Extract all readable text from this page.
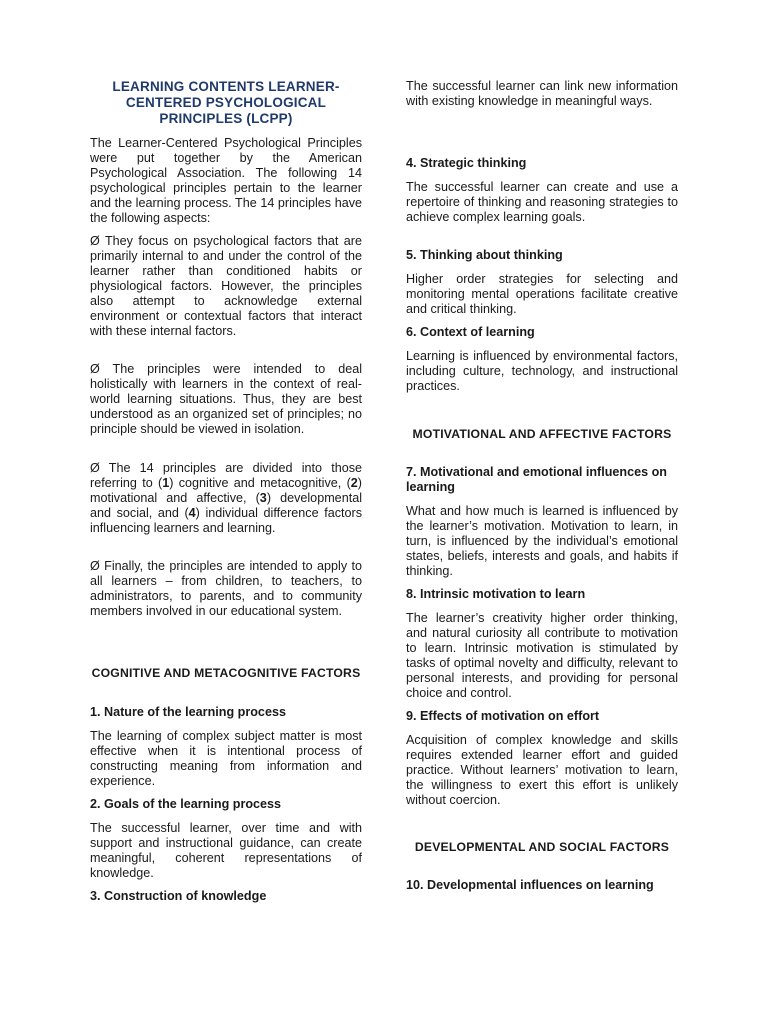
LEARNING CONTENTS LEARNER-CENTERED PSYCHOLOGICAL PRINCIPLES (LCPP)

The Learner-Centered Psychological Principles were put together by the American Psychological Association. The following 14 psychological principles pertain to the learner and the learning process. The 14 principles have the following aspects:

Ø They focus on psychological factors that are primarily internal to and under the control of the learner rather than conditioned habits or physiological factors. However, the principles also attempt to acknowledge external environment or contextual factors that interact with these internal factors.

Ø The principles were intended to deal holistically with learners in the context of real-world learning situations. Thus, they are best understood as an organized set of principles; no principle should be viewed in isolation.

Ø The 14 principles are divided into those referring to (1) cognitive and metacognitive, (2) motivational and affective, (3) developmental and social, and (4) individual difference factors influencing learners and learning.

Ø Finally, the principles are intended to apply to all learners – from children, to teachers, to administrators, to parents, and to community members involved in our educational system.

COGNITIVE AND METACOGNITIVE FACTORS
1. Nature of the learning process

The learning of complex subject matter is most effective when it is intentional process of constructing meaning from information and experience.

2. Goals of the learning process

The successful learner, over time and with support and instructional guidance, can create meaningful, coherent representations of knowledge.

3. Construction of knowledge

The successful learner can link new information with existing knowledge in meaningful ways.

4. Strategic thinking

The successful learner can create and use a repertoire of thinking and reasoning strategies to achieve complex learning goals.

5. Thinking about thinking

Higher order strategies for selecting and monitoring mental operations facilitate creative and critical thinking.

6. Context of learning

Learning is influenced by environmental factors, including culture, technology, and instructional practices.

MOTIVATIONAL AND AFFECTIVE FACTORS
7. Motivational and emotional influences on learning

What and how much is learned is influenced by the learner’s motivation. Motivation to learn, in turn, is influenced by the individual’s emotional states, beliefs, interests and goals, and habits if thinking.

8. Intrinsic motivation to learn

The learner’s creativity higher order thinking, and natural curiosity all contribute to motivation to learn. Intrinsic motivation is stimulated by tasks of optimal novelty and difficulty, relevant to personal interests, and providing for personal choice and control.

9. Effects of motivation on effort

Acquisition of complex knowledge and skills requires extended learner effort and guided practice. Without learners’ motivation to learn, the willingness to exert this effort is unlikely without coercion.

DEVELOPMENTAL AND SOCIAL FACTORS
10. Developmental influences on learning
